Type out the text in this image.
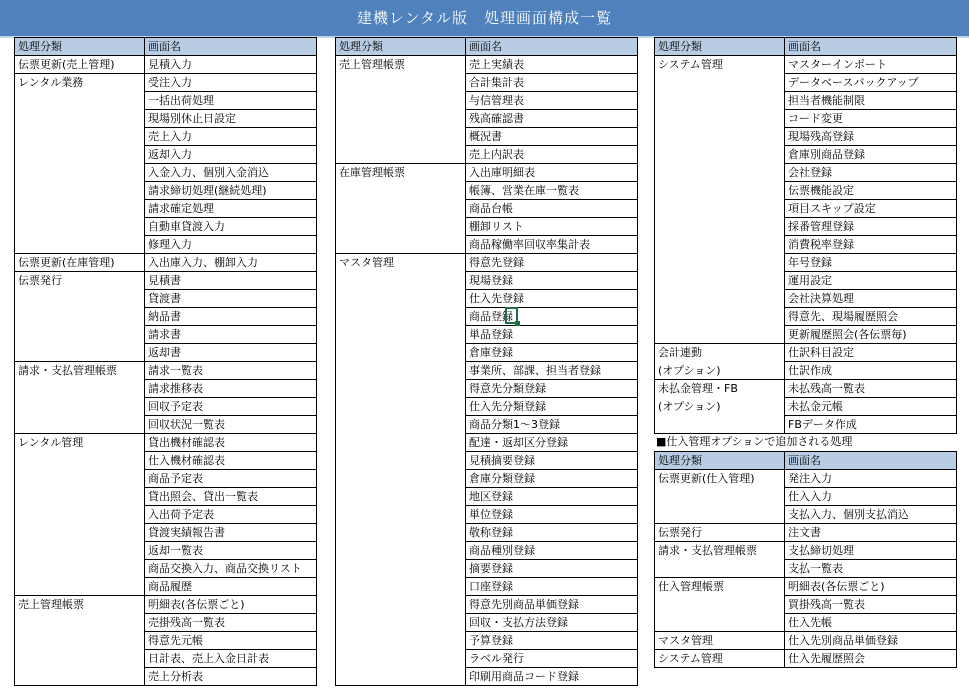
建機レンタル版　処理画面構成一覧
処理分類	画面名
伝票更新(売上管理)	見積入力
レンタル業務	受注入力
	一括出荷処理
	現場別休止日設定
	売上入力
	返却入力
	入金入力、個別入金消込
	請求締切処理(継続処理)
	請求確定処理
	自動車貸渡入力
	修理入力
伝票更新(在庫管理)	入出庫入力、棚卸入力
伝票発行	見積書
	貸渡書
	納品書
	請求書
	返却書
請求・支払管理帳票	請求一覧表
	請求推移表
	回収予定表
	回収状況一覧表
レンタル管理	貸出機材確認表
	仕入機材確認表
	商品予定表
	貸出照会、貸出一覧表
	入出荷予定表
	貸渡実績報告書
	返却一覧表
	商品交換入力、商品交換リスト
	商品履歴
売上管理帳票	明細表(各伝票ごと)
	売掛残高一覧表
	得意先元帳
	日計表、売上入金日計表
	売上分析表
処理分類	画面名
売上管理帳票	売上実績表
	合計集計表
	与信管理表
	残高確認書
	概況書
	売上内訳表
在庫管理帳票	入出庫明細表
	帳簿、営業在庫一覧表
	商品台帳
	棚卸リスト
	商品稼働率回収率集計表
マスタ管理	得意先登録
	現場登録
	仕入先登録
	商品登録
	単品登録
	倉庫登録
	事業所、部課、担当者登録
	得意先分類登録
	仕入先分類登録
	商品分類1～3登録
	配達・返却区分登録
	見積摘要登録
	倉庫分類登録
	地区登録
	単位登録
	敬称登録
	商品種別登録
	摘要登録
	口座登録
	得意先別商品単価登録
	回収・支払方法登録
	予算登録
	ラベル発行
	印刷用商品コード登録
処理分類	画面名
システム管理	マスターインポート
	データベースバックアップ
	担当者機能制限
	コード変更
	現場残高登録
	倉庫別商品登録
	会社登録
	伝票機能設定
	項目スキップ設定
	採番管理登録
	消費税率登録
	年号登録
	運用設定
	会社決算処理
	得意先、現場履歴照会
	更新履歴照会(各伝票毎)
会計連動	仕訳科目設定
(オプション)	仕訳作成
未払金管理・FB	未払残高一覧表
(オプション)	未払金元帳
	FBデータ作成
■仕入管理オプションで追加される処理
処理分類	画面名
伝票更新(仕入管理)	発注入力
	仕入入力
	支払入力、個別支払消込
伝票発行	注文書
請求・支払管理帳票	支払締切処理
	支払一覧表
仕入管理帳票	明細表(各伝票ごと)
	買掛残高一覧表
	仕入先帳
マスタ管理	仕入先別商品単価登録
システム管理	仕入先履歴照会
